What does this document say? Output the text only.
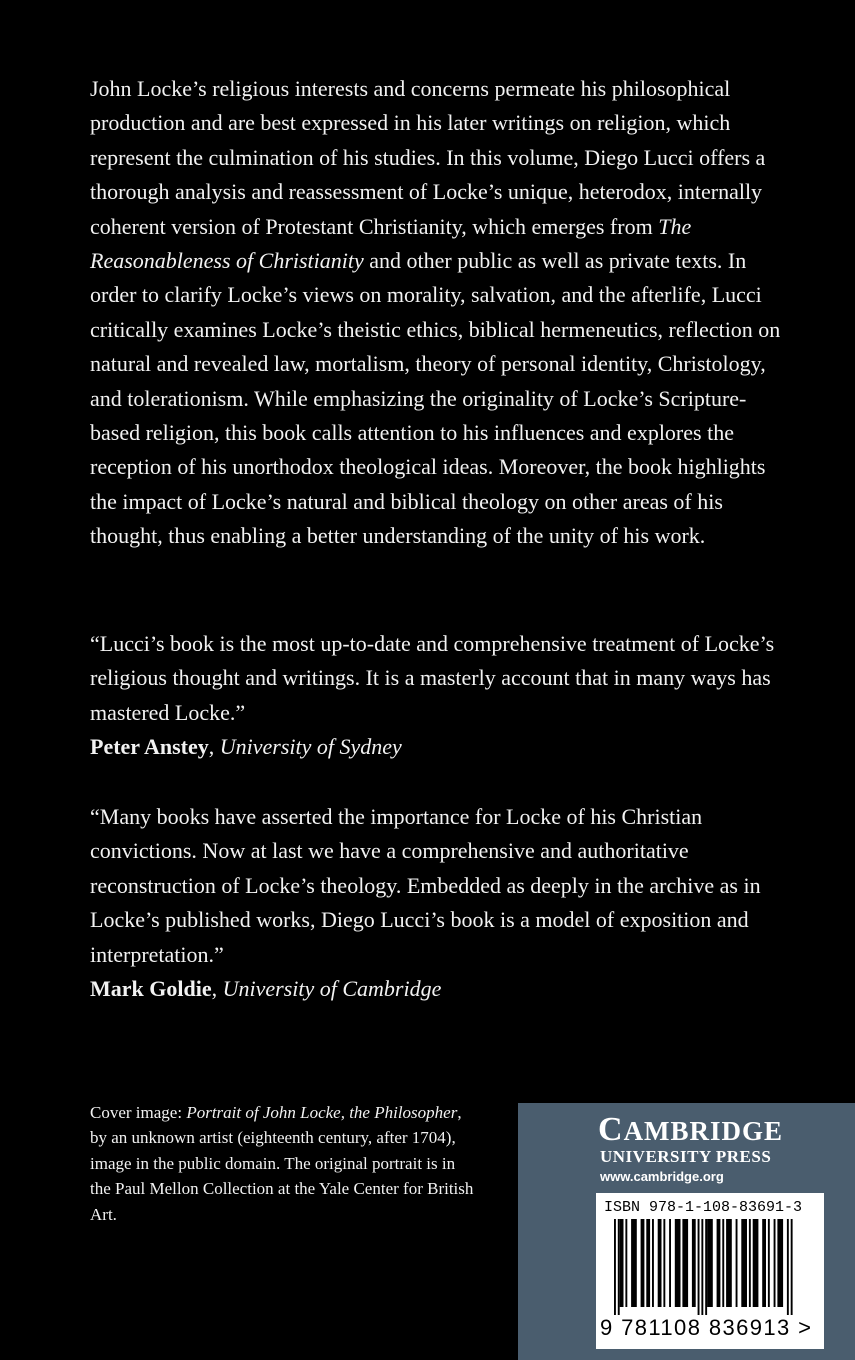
John Locke’s religious interests and concerns permeate his philosophical production and are best expressed in his later writings on religion, which represent the culmination of his studies. In this volume, Diego Lucci offers a thorough analysis and reassessment of Locke’s unique, heterodox, internally coherent version of Protestant Christianity, which emerges from The Reasonableness of Christianity and other public as well as private texts. In order to clarify Locke’s views on morality, salvation, and the afterlife, Lucci critically examines Locke’s theistic ethics, biblical hermeneutics, reflection on natural and revealed law, mortalism, theory of personal identity, Christology, and tolerationism. While emphasizing the originality of Locke’s Scripture-based religion, this book calls attention to his influences and explores the reception of his unorthodox theological ideas. Moreover, the book highlights the impact of Locke’s natural and biblical theology on other areas of his thought, thus enabling a better understanding of the unity of his work.

“Lucci’s book is the most up-to-date and comprehensive treatment of Locke’s religious thought and writings. It is a masterly account that in many ways has mastered Locke.”
Peter Anstey, University of Sydney

“Many books have asserted the importance for Locke of his Christian convictions. Now at last we have a comprehensive and authoritative reconstruction of Locke’s theology. Embedded as deeply in the archive as in Locke’s published works, Diego Lucci’s book is a model of exposition and interpretation.”
Mark Goldie, University of Cambridge

Cover image: Portrait of John Locke, the Philosopher, by an unknown artist (eighteenth century, after 1704), image in the public domain. The original portrait is in the Paul Mellon Collection at the Yale Center for British Art.

CAMBRIDGE
UNIVERSITY PRESS
www.cambridge.org
ISBN 978-1-108-83691-3
9 781108 836913 >
